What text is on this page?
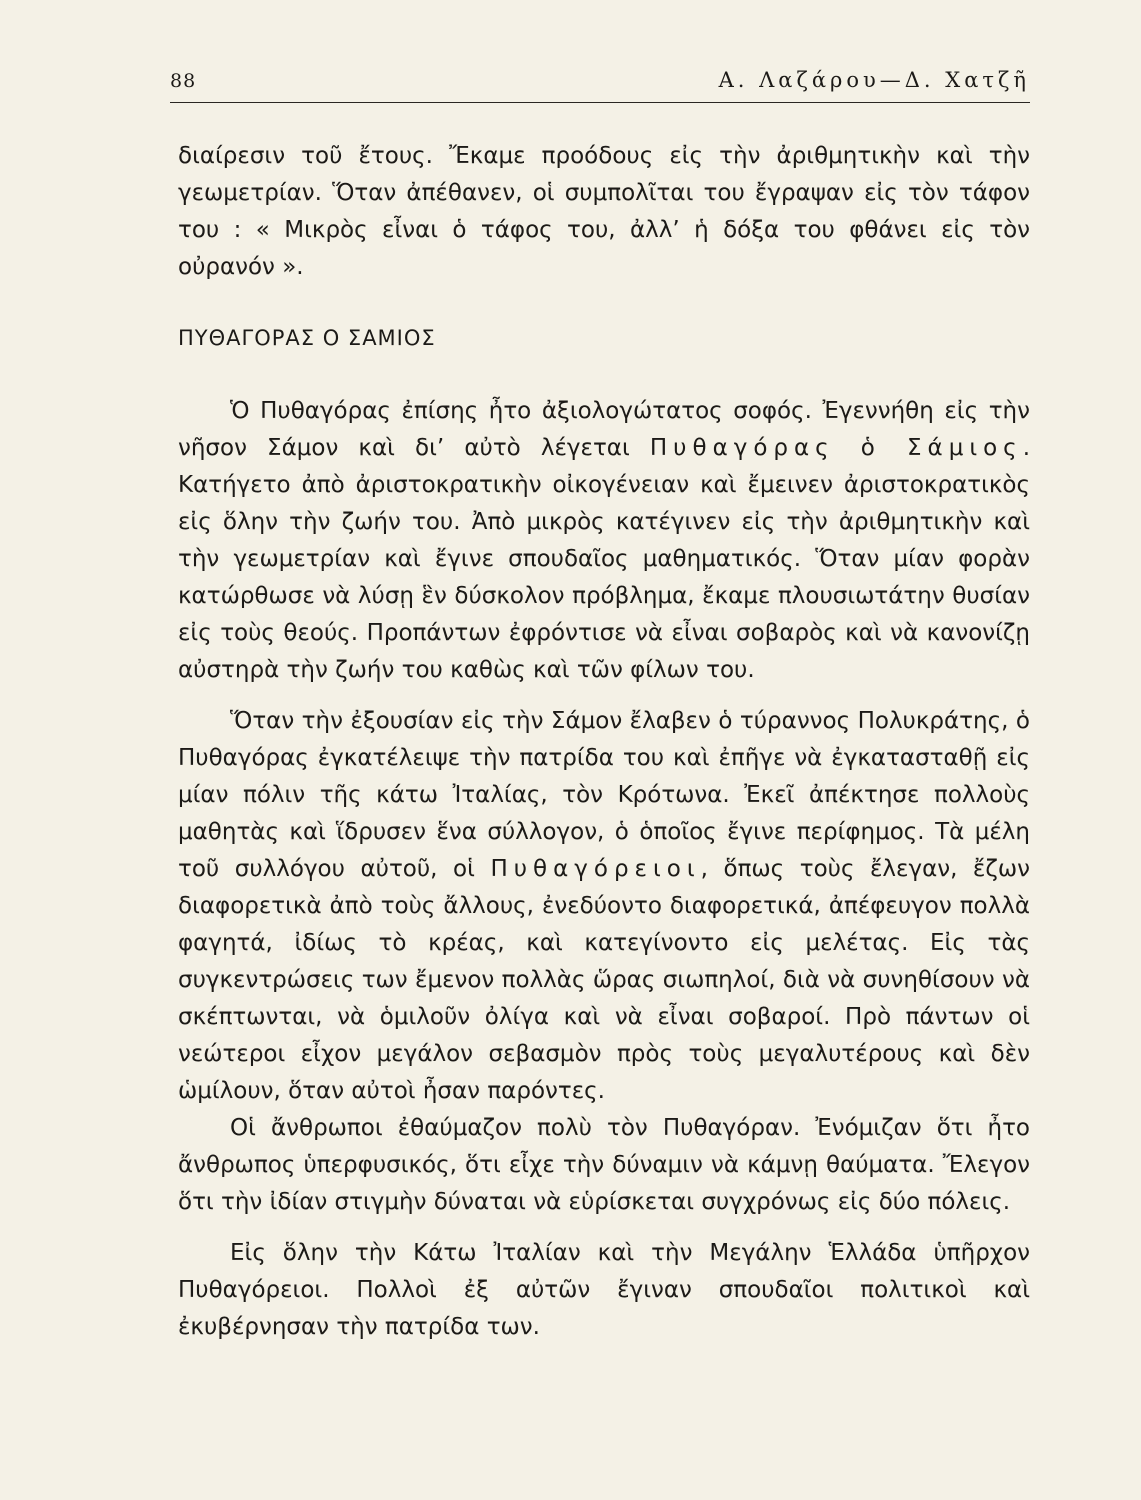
88	Α. Λαζάρου—Δ. Χατζῆ

διαίρεσιν τοῦ ἔτους. Ἔκαμε προόδους εἰς τὴν ἀριθμητικὴν καὶ τὴν γεωμετρίαν. Ὅταν ἀπέθανεν, οἱ συμπολῖται του ἔγραψαν εἰς τὸν τάφον του : « Μικρὸς εἶναι ὁ τάφος του, ἀλλ’ ἡ δόξα του φθάνει εἰς τὸν οὐρανόν ».

ΠΥΘΑΓΟΡΑΣ Ο ΣΑΜΙΟΣ

Ὁ Πυθαγόρας ἐπίσης ἦτο ἀξιολογώτατος σοφός. Ἐγεννήθη εἰς τὴν νῆσον Σάμον καὶ δι’ αὐτὸ λέγεται Πυθαγόρας ὁ Σάμιος. Κατήγετο ἀπὸ ἀριστοκρατικὴν οἰκογένειαν καὶ ἔμεινεν ἀριστοκρατικὸς εἰς ὅλην τὴν ζωήν του. Ἀπὸ μικρὸς κατέγινεν εἰς τὴν ἀριθμητικὴν καὶ τὴν γεωμετρίαν καὶ ἔγινε σπουδαῖος μαθηματικός. Ὅταν μίαν φορὰν κατώρθωσε νὰ λύσῃ ἓν δύσκολον πρόβλημα, ἔκαμε πλουσιωτάτην θυσίαν εἰς τοὺς θεούς. Προπάντων ἐφρόντισε νὰ εἶναι σοβαρὸς καὶ νὰ κανονίζῃ αὐστηρὰ τὴν ζωήν του καθὼς καὶ τῶν φίλων του.

Ὅταν τὴν ἐξουσίαν εἰς τὴν Σάμον ἔλαβεν ὁ τύραννος Πολυκράτης, ὁ Πυθαγόρας ἐγκατέλειψε τὴν πατρίδα του καὶ ἐπῆγε νὰ ἐγκατασταθῇ εἰς μίαν πόλιν τῆς κάτω Ἰταλίας, τὸν Κρότωνα. Ἐκεῖ ἀπέκτησε πολλοὺς μαθητὰς καὶ ἵδρυσεν ἕνα σύλλογον, ὁ ὁποῖος ἔγινε περίφημος. Τὰ μέλη τοῦ συλλόγου αὐτοῦ, οἱ Πυθαγόρειοι, ὅπως τοὺς ἔλεγαν, ἔζων διαφορετικὰ ἀπὸ τοὺς ἄλλους, ἐνεδύοντο διαφορετικά, ἀπέφευγον πολλὰ φαγητά, ἰδίως τὸ κρέας, καὶ κατεγίνοντο εἰς μελέτας. Εἰς τὰς συγκεντρώσεις των ἔμενον πολλὰς ὥρας σιωπηλοί, διὰ νὰ συνηθίσουν νὰ σκέπτωνται, νὰ ὁμιλοῦν ὀλίγα καὶ νὰ εἶναι σοβαροί. Πρὸ πάντων οἱ νεώτεροι εἶχον μεγάλον σεβασμὸν πρὸς τοὺς μεγαλυτέρους καὶ δὲν ὡμίλουν, ὅταν αὐτοὶ ἦσαν παρόντες.

Οἱ ἄνθρωποι ἐθαύμαζον πολὺ τὸν Πυθαγόραν. Ἐνόμιζαν ὅτι ἦτο ἄνθρωπος ὑπερφυσικός, ὅτι εἶχε τὴν δύναμιν νὰ κάμνῃ θαύματα. Ἔλεγον ὅτι τὴν ἰδίαν στιγμὴν δύναται νὰ εὑρίσκεται συγχρόνως εἰς δύο πόλεις.

Εἰς ὅλην τὴν Κάτω Ἰταλίαν καὶ τὴν Μεγάλην Ἑλλάδα ὑπῆρχον Πυθαγόρειοι. Πολλοὶ ἐξ αὐτῶν ἔγιναν σπουδαῖοι πολιτικοὶ καὶ ἐκυβέρνησαν τὴν πατρίδα των.
